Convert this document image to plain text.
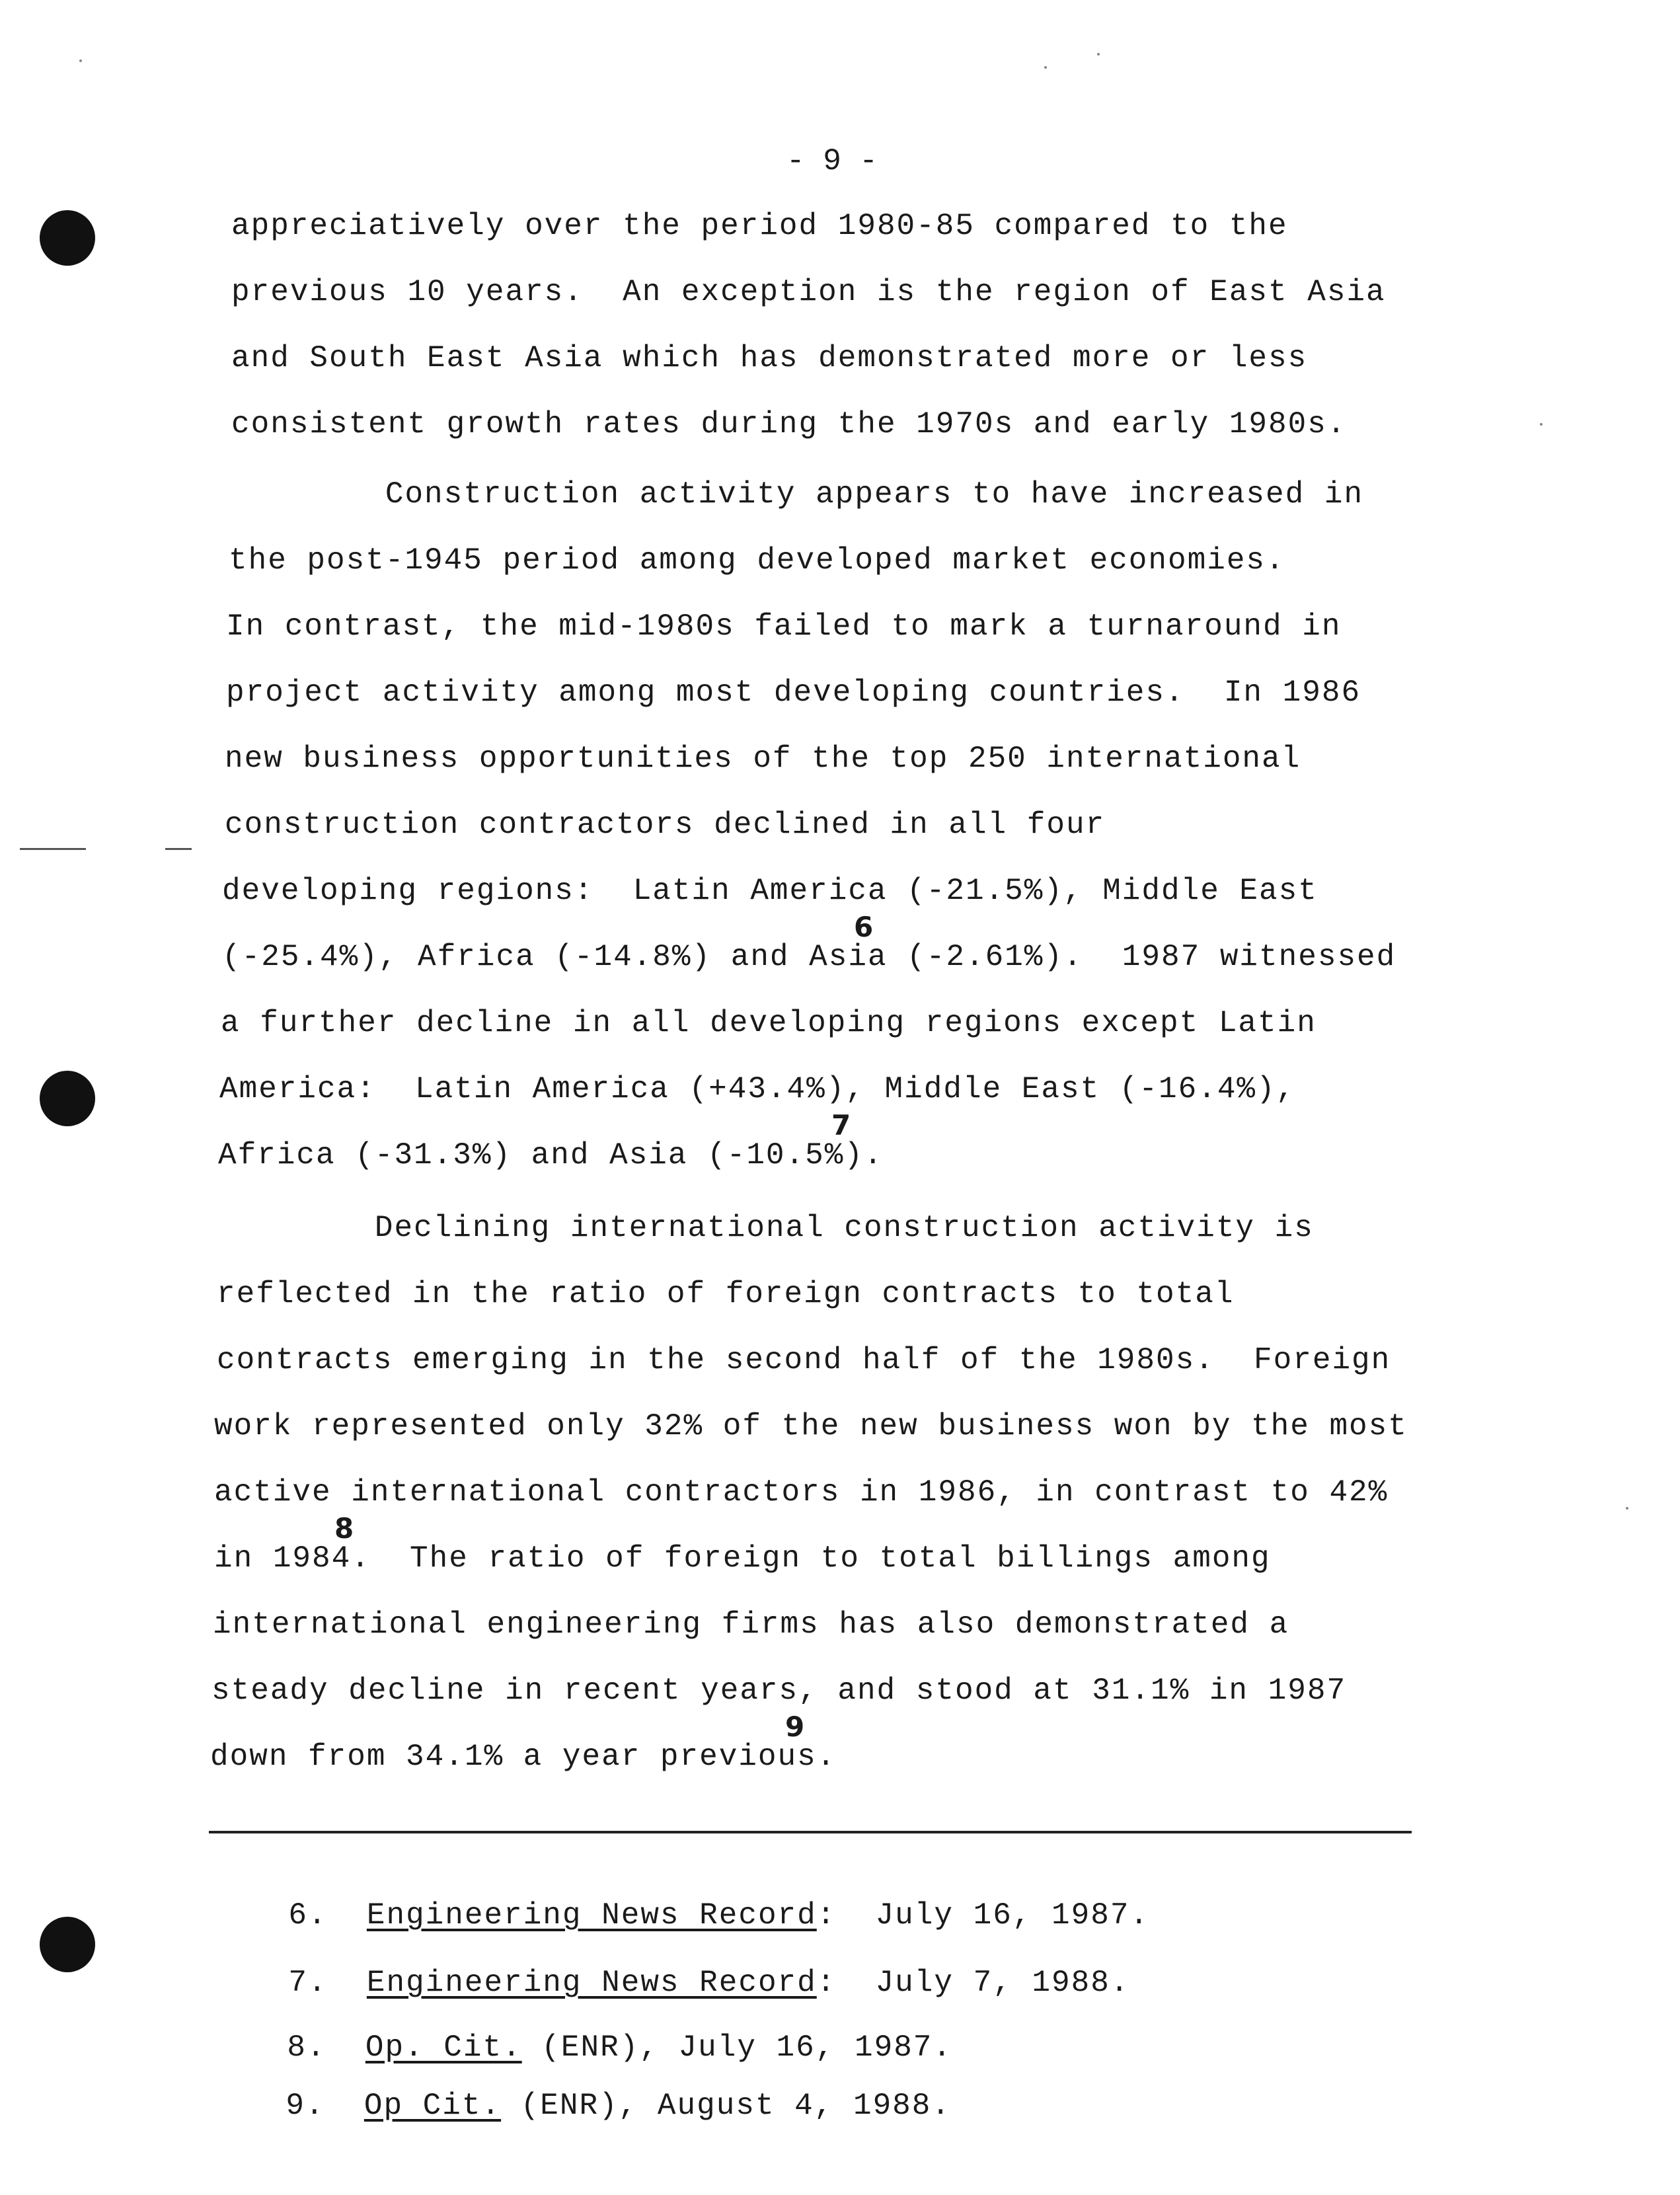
- 9 -
appreciatively over the period 1980-85 compared to the
previous 10 years.  An exception is the region of East Asia
and South East Asia which has demonstrated more or less
consistent growth rates during the 1970s and early 1980s.
Construction activity appears to have increased in
the post-1945 period among developed market economies.
In contrast, the mid-1980s failed to mark a turnaround in
project activity among most developing countries.  In 1986
new business opportunities of the top 250 international
construction contractors declined in all four
developing regions:  Latin America (-21.5%), Middle East
6
(-25.4%), Africa (-14.8%) and Asia (-2.61%).  1987 witnessed
a further decline in all developing regions except Latin
America:  Latin America (+43.4%), Middle East (-16.4%),
7
Africa (-31.3%) and Asia (-10.5%).
Declining international construction activity is
reflected in the ratio of foreign contracts to total
contracts emerging in the second half of the 1980s.  Foreign
work represented only 32% of the new business won by the most
active international contractors in 1986, in contrast to 42%
8
in 1984.  The ratio of foreign to total billings among
international engineering firms has also demonstrated a
steady decline in recent years, and stood at 31.1% in 1987
9
down from 34.1% a year previous.

6. Engineering News Record:  July 16, 1987.

7. Engineering News Record:  July 7, 1988.

8. Op. Cit. (ENR), July 16, 1987.

9. Op Cit. (ENR), August 4, 1988.
